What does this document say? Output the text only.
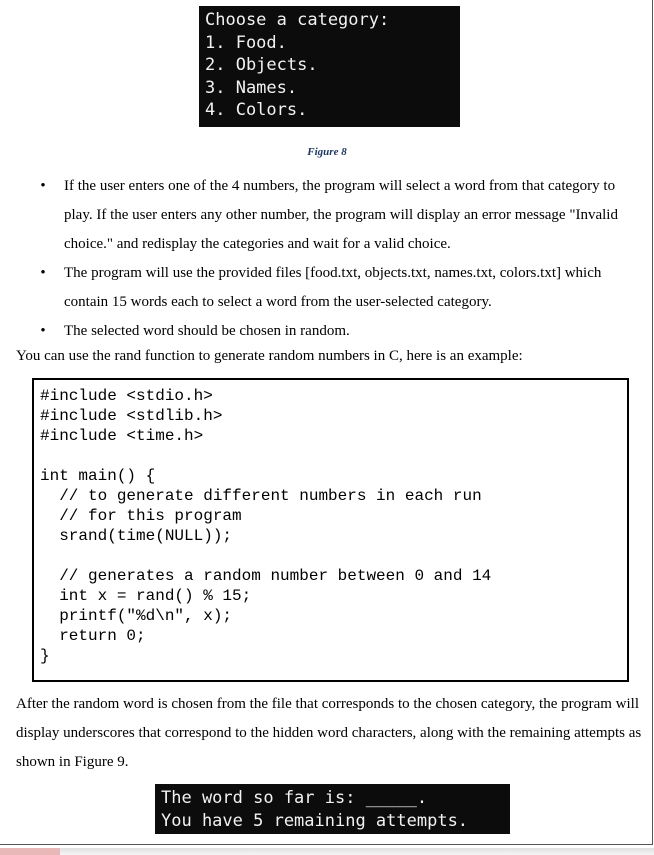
Choose a category:
1. Food.
2. Objects.
3. Names.
4. Colors.
Figure 8

• If the user enters one of the 4 numbers, the program will select a word from that category to play. If the user enters any other number, the program will display an error message "Invalid choice." and redisplay the categories and wait for a valid choice.

• The program will use the provided files [food.txt, objects.txt, names.txt, colors.txt] which contain 15 words each to select a word from the user-selected category.

• The selected word should be chosen in random.

You can use the rand function to generate random numbers in C, here is an example:

#include <stdio.h>
#include <stdlib.h>
#include <time.h>
int main() {
// to generate different numbers in each run
// for this program
srand(time(NULL));
// generates a random number between 0 and 14
int x = rand() % 15;
printf("%d\n", x);
return 0;
}

After the random word is chosen from the file that corresponds to the chosen category, the program will display underscores that correspond to the hidden word characters, along with the remaining attempts as shown in Figure 9.

The word so far is: _____.
You have 5 remaining attempts.
